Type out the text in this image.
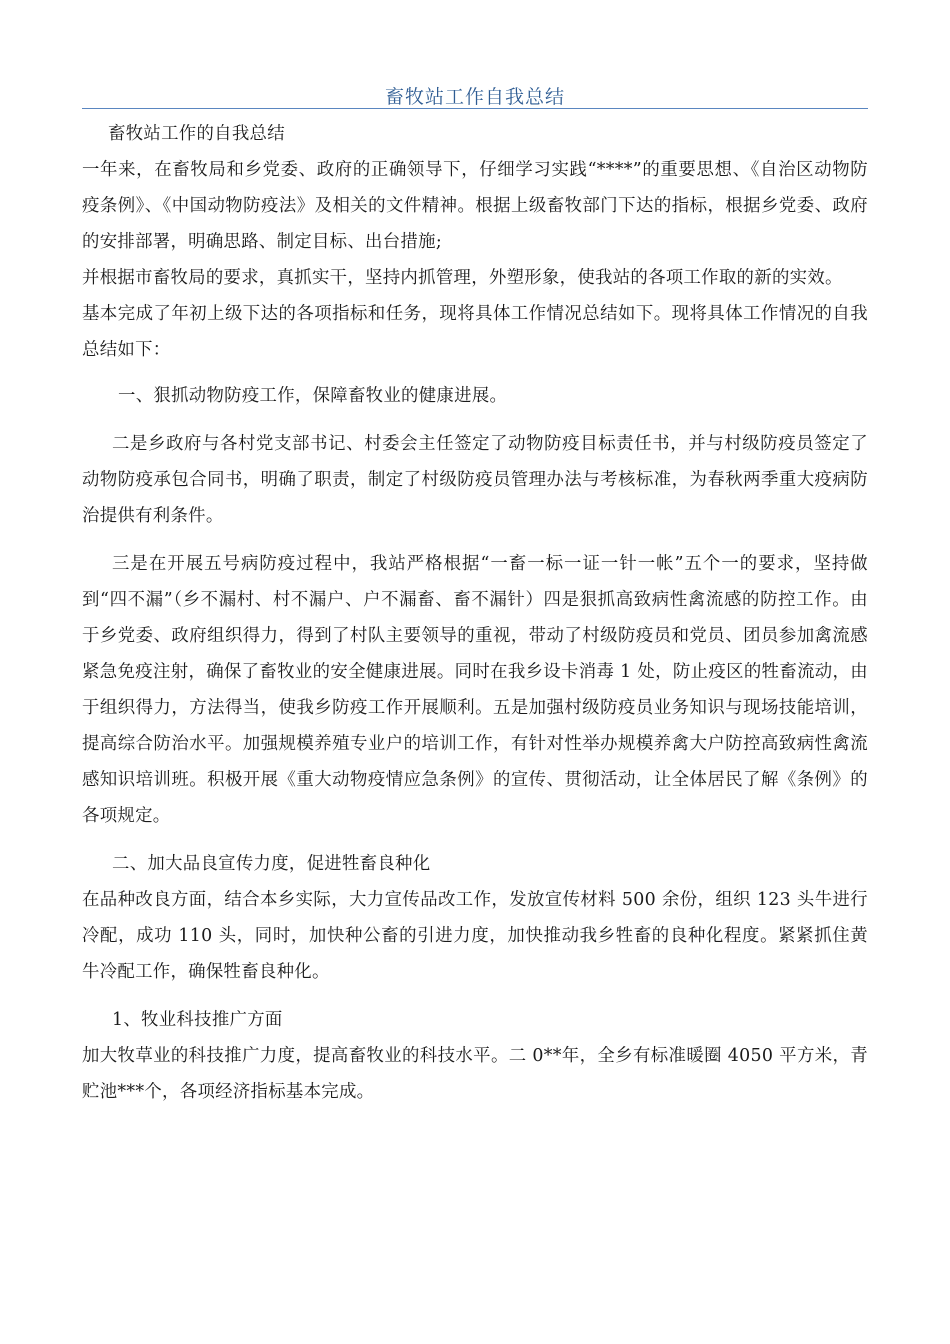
畜牧站工作自我总结

畜牧站工作的自我总结

一年来，在畜牧局和乡党委、政府的正确领导下，仔细学习实践“****”的重要思想、《自治区动物防疫条例》、《中国动物防疫法》及相关的文件精神。根据上级畜牧部门下达的指标，根据乡党委、政府的安排部署，明确思路、制定目标、出台措施;

并根据市畜牧局的要求，真抓实干，坚持内抓管理，外塑形象，使我站的各项工作取的新的实效。

基本完成了年初上级下达的各项指标和任务，现将具体工作情况总结如下。现将具体工作情况的自我总结如下：

一、狠抓动物防疫工作，保障畜牧业的健康进展。

二是乡政府与各村党支部书记、村委会主任签定了动物防疫目标责任书，并与村级防疫员签定了动物防疫承包合同书，明确了职责，制定了村级防疫员管理办法与考核标准，为春秋两季重大疫病防治提供有利条件。

三是在开展五号病防疫过程中，我站严格根据“一畜一标一证一针一帐”五个一的要求，坚持做到“四不漏”（乡不漏村、村不漏户、户不漏畜、畜不漏针）四是狠抓高致病性禽流感的防控工作。由于乡党委、政府组织得力，得到了村队主要领导的重视，带动了村级防疫员和党员、团员参加禽流感紧急免疫注射，确保了畜牧业的安全健康进展。同时在我乡设卡消毒 1 处，防止疫区的牲畜流动，由于组织得力，方法得当，使我乡防疫工作开展顺利。五是加强村级防疫员业务知识与现场技能培训，提高综合防治水平。加强规模养殖专业户的培训工作，有针对性举办规模养禽大户防控高致病性禽流感知识培训班。积极开展《重大动物疫情应急条例》的宣传、贯彻活动，让全体居民了解《条例》的各项规定。

二、加大品良宣传力度，促进牲畜良种化

在品种改良方面，结合本乡实际，大力宣传品改工作，发放宣传材料 500 余份，组织 123 头牛进行冷配，成功 110 头，同时，加快种公畜的引进力度，加快推动我乡牲畜的良种化程度。紧紧抓住黄牛冷配工作，确保牲畜良种化。

1、牧业科技推广方面

加大牧草业的科技推广力度，提高畜牧业的科技水平。二 0**年，全乡有标准暖圈 4050 平方米，青贮池***个，各项经济指标基本完成。
